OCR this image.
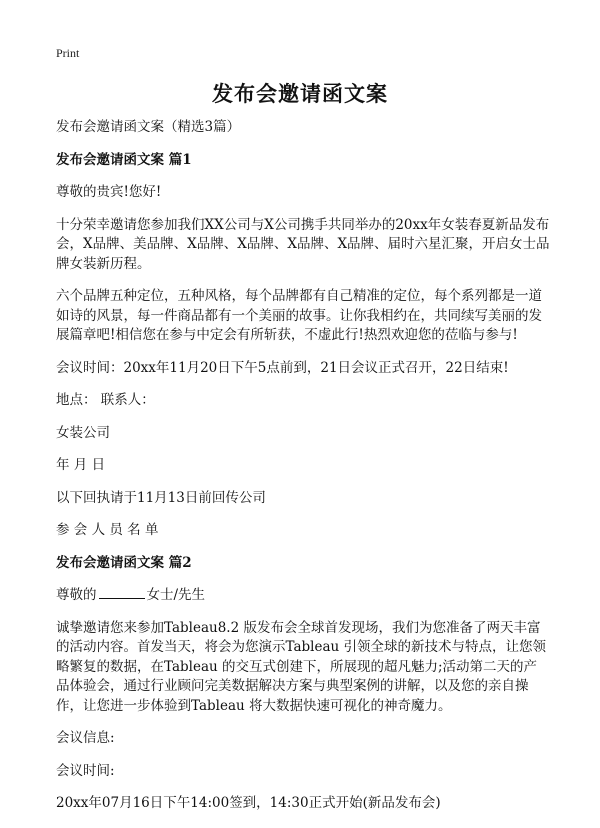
Print
发布会邀请函文案
发布会邀请函文案（精选3篇）
发布会邀请函文案 篇1
尊敬的贵宾!您好!
十分荣幸邀请您参加我们XX公司与X公司携手共同举办的20xx年女装春夏新品发布会，X品牌、美品牌、X品牌、X品牌、X品牌、X品牌、届时六星汇聚，开启女士品牌女装新历程。
六个品牌五种定位，五种风格，每个品牌都有自己精准的定位，每个系列都是一道如诗的风景，每一件商品都有一个美丽的故事。让你我相约在，共同续写美丽的发展篇章吧!相信您在参与中定会有所斩获，不虚此行!热烈欢迎您的莅临与参与!
会议时间：20xx年11月20日下午5点前到，21日会议正式召开，22日结束!
地点： 联系人：
女装公司
年 月 日
以下回执请于11月13日前回传公司
参 会 人 员 名 单
发布会邀请函文案 篇2
尊敬的	女士/先生
诚挚邀请您来参加Tableau8.2 版发布会全球首发现场，我们为您准备了两天丰富的活动内容。首发当天，将会为您演示Tableau 引领全球的新技术与特点，让您领略繁复的数据，在Tableau 的交互式创建下，所展现的超凡魅力;活动第二天的产品体验会，通过行业顾问完美数据解决方案与典型案例的讲解，以及您的亲自操作，让您进一步体验到Tableau 将大数据快速可视化的神奇魔力。
会议信息:
会议时间:
20xx年07月16日下午14:00签到，14:30正式开始(新品发布会)
